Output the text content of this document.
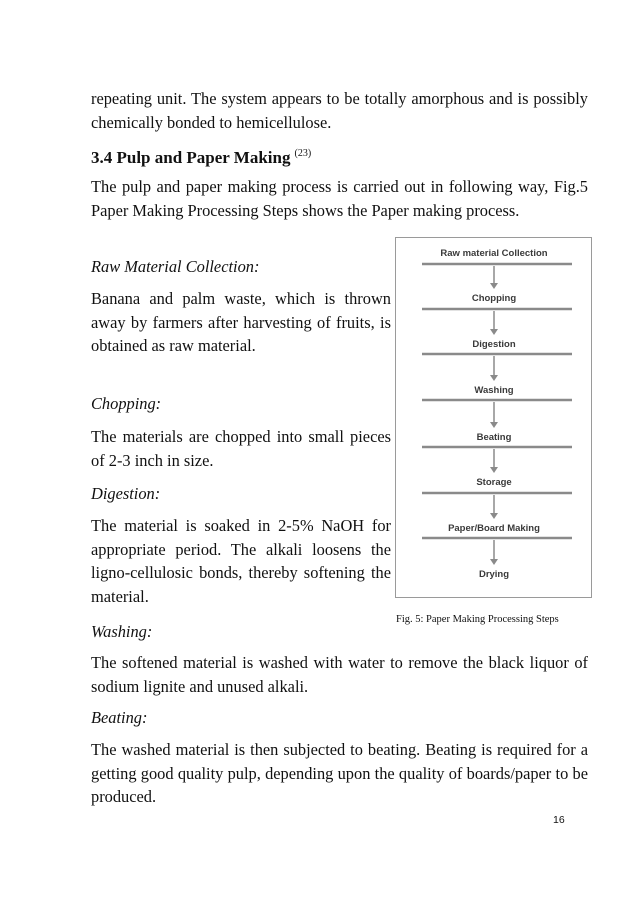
repeating unit. The system appears to be totally amorphous and is possibly chemically bonded to hemicellulose.

3.4 Pulp and Paper Making $^{(23)}$

The pulp and paper making process is carried out in following way, Fig.5 Paper Making Processing Steps shows the Paper making process.

Raw Material Collection:

Banana and palm waste, which is thrown away by farmers after harvesting of fruits, is obtained as raw material.

Chopping:

The materials are chopped into small pieces of 2-3 inch in size.

Digestion:

The material is soaked in 2-5% NaOH for appropriate period. The alkali loosens the ligno-cellulosic bonds, thereby softening the material.

Washing:

The softened material is washed with water to remove the black liquor of sodium lignite and unused alkali.

Beating:

The washed material is then subjected to beating. Beating is required for a getting good quality pulp, depending upon the quality of boards/paper to be produced.

Raw material Collection
Chopping
Digestion
Washing
Beating
Storage
Paper/Board Making
Drying

Fig. 5: Paper Making Processing Steps

16
